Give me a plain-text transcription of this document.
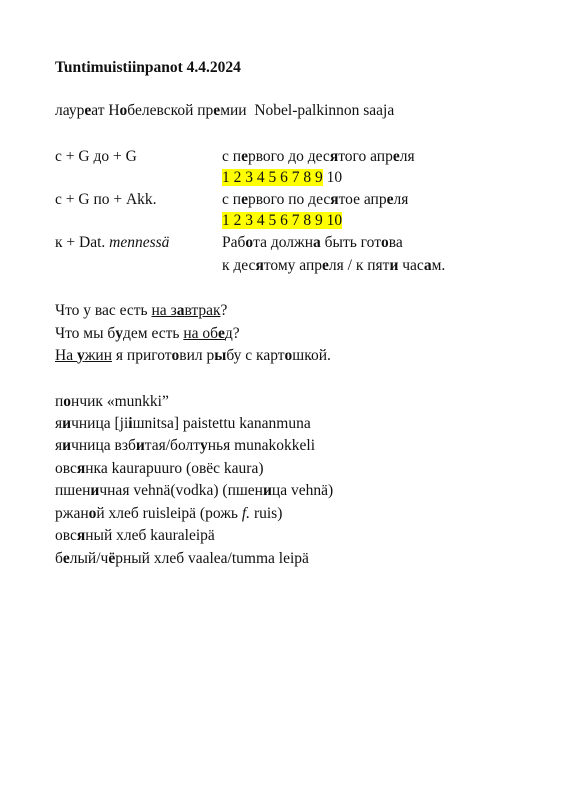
Tuntimuistiinpanot 4.4.2024
лауреат Нобелевской премии Nobel-palkinnon saaja
с + G до + G	с первого до десятого апреля
1 2 3 4 5 6 7 8 9 10
с + G по + Akk.	с первого по десятое апреля
1 2 3 4 5 6 7 8 9 10
к + Dat. mennessä	Работа должна быть готова
к десятому апреля / к пяти часам.
Что у вас есть на завтрак?
Что мы будем есть на обед?
На ужин я приготовил рыбу с картошкой.
пончик «munkki”
яичница [jiiшnitsa] paistettu kananmuna
яичница взбитая/болтунья munakokkeli
овсянка kaurapuuro (овёс kaura)
пшеничная vehnä(vodka) (пшеница vehnä)
ржаной хлеб ruisleipä (рожь f. ruis)
овсяный хлеб kauraleipä
белый/чёрный хлеб vaalea/tumma leipä
